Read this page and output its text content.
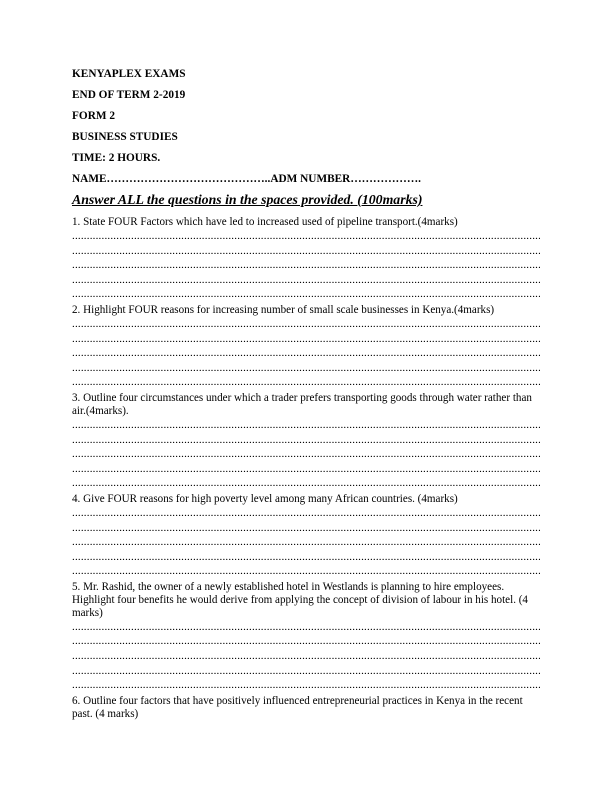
KENYAPLEX EXAMS
END OF TERM 2-2019
FORM 2
BUSINESS STUDIES
TIME: 2 HOURS.
NAME……………………………………..ADM NUMBER……………….
Answer ALL the questions in the spaces provided. (100marks)
1. State FOUR Factors which have led to increased used of pipeline transport.(4marks)
.....
.....
.....
.....
.....
2. Highlight FOUR reasons for increasing number of small scale businesses in Kenya.(4marks)
.....
.....
.....
.....
.....
3. Outline four circumstances under which a trader prefers transporting goods through water rather than air.(4marks).
.....
.....
.....
.....
.....
4. Give FOUR reasons for high poverty level among many African countries. (4marks)
.....
.....
.....
.....
.....
5. Mr. Rashid, the owner of a newly established hotel in Westlands is planning to hire employees. Highlight four benefits he would derive from applying the concept of division of labour in his hotel. (4 marks)
.....
.....
.....
.....
.....
6. Outline four factors that have positively influenced entrepreneurial practices in Kenya in the recent past. (4 marks)
